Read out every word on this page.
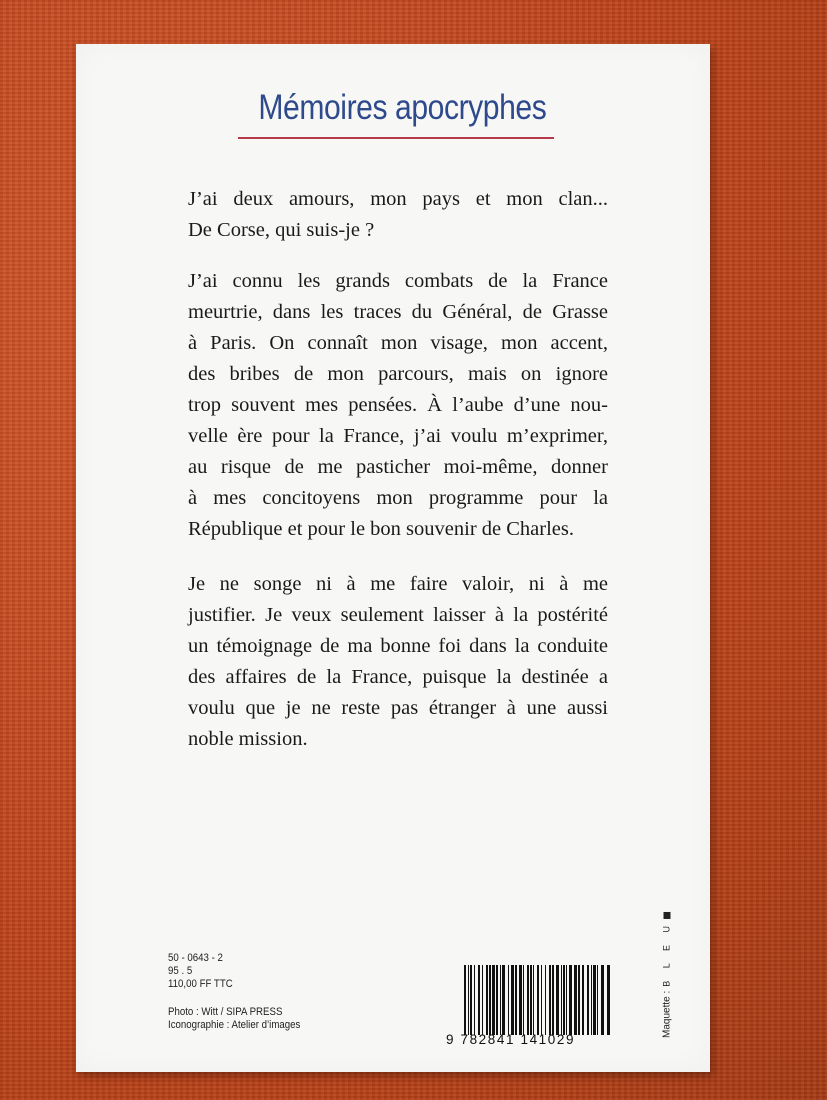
Mémoires apocryphes

J’ai deux amours, mon pays et mon clan...
De Corse, qui suis-je ?

J’ai connu les grands combats de la France
meurtrie, dans les traces du Général, de Grasse
à Paris. On connaît mon visage, mon accent,
des bribes de mon parcours, mais on ignore
trop souvent mes pensées. À l’aube d’une nou-
velle ère pour la France, j’ai voulu m’exprimer,
au risque de me pasticher moi-même, donner
à mes concitoyens mon programme pour la
République et pour le bon souvenir de Charles.

Je ne songe ni à me faire valoir, ni à me
justifier. Je veux seulement laisser à la postérité
un témoignage de ma bonne foi dans la conduite
des affaires de la France, puisque la destinée a
voulu que je ne reste pas étranger à une aussi
noble mission.

50 - 0643 - 2
95 . 5
110,00 FF TTC
Photo : Witt / SIPA PRESS
Iconographie : Atelier d’images
9 782841 141029
Maquette :B L E U
